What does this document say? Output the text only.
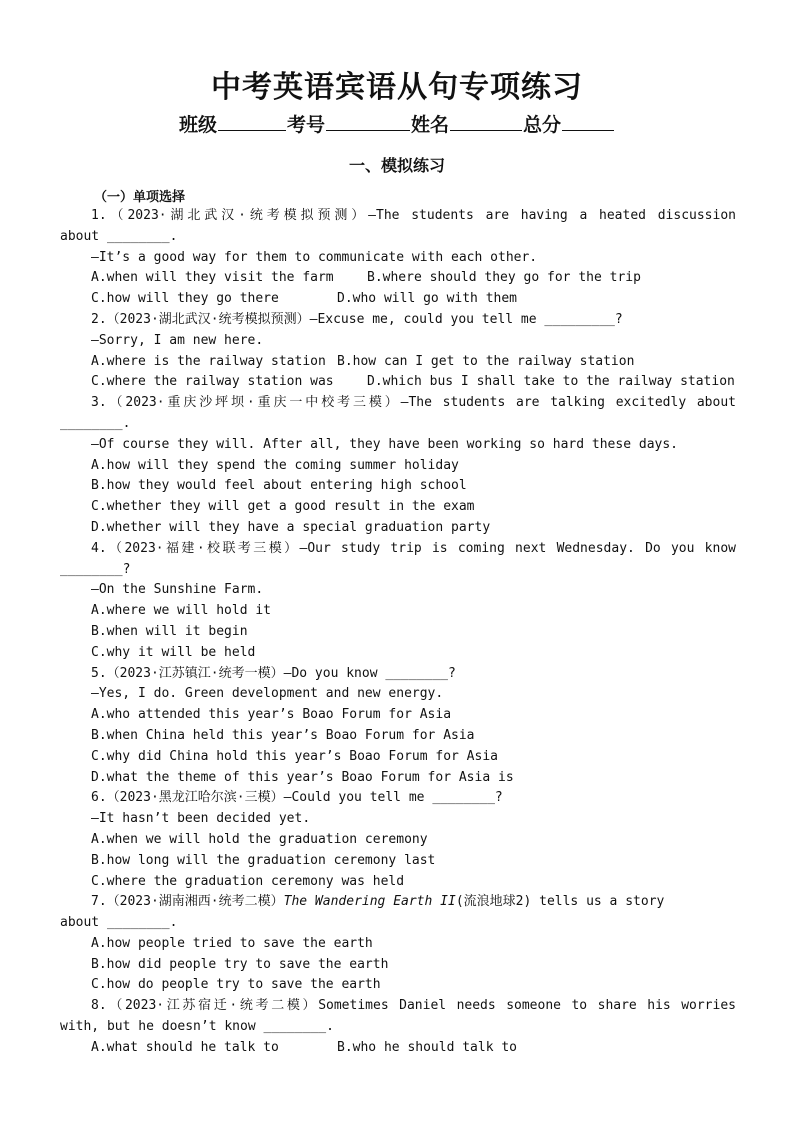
中考英语宾语从句专项练习
班级	考号	姓名	总分
一、模拟练习
（一）单项选择
1.（2023·湖北武汉·统考模拟预测）—The students are having a heated discussion
about ________.
—It’s a good way for them to communicate with each other.
A.when will they visit the farm	B.where should they go for the trip
C.how will they go there	D.who will go with them
2.（2023·湖北武汉·统考模拟预测）—Excuse me, could you tell me _________?
—Sorry, I am new here.
A.where is the railway station B.how can I get to the railway station
C.where the railway station was	D.which bus I shall take to the railway station
3.（2023·重庆沙坪坝·重庆一中校考三模）—The students are talking excitedly about
________.
—Of course they will. After all, they have been working so hard these days.
A.how will they spend the coming summer holiday
B.how they would feel about entering high school
C.whether they will get a good result in the exam
D.whether will they have a special graduation party
4.（2023·福建·校联考三模）—Our study trip is coming next Wednesday. Do you know
________?
—On the Sunshine Farm.
A.where we will hold it
B.when will it begin
C.why it will be held
5.（2023·江苏镇江·统考一模）—Do you know ________?
—Yes, I do. Green development and new energy.
A.who attended this year’s Boao Forum for Asia
B.when China held this year’s Boao Forum for Asia
C.why did China hold this year’s Boao Forum for Asia
D.what the theme of this year’s Boao Forum for Asia is
6.（2023·黑龙江哈尔滨·三模）—Could you tell me ________?
—It hasn’t been decided yet.
A.when we will hold the graduation ceremony
B.how long will the graduation ceremony last
C.where the graduation ceremony was held
7.（2023·湖南湘西·统考二模）The Wandering Earth II(流浪地球2) tells us a story
about ________.
A.how people tried to save the earth
B.how did people try to save the earth
C.how do people try to save the earth
8.（2023·江苏宿迁·统考二模）Sometimes Daniel needs someone to share his worries
with, but he doesn’t know ________.
A.what should he talk to	B.who he should talk to
